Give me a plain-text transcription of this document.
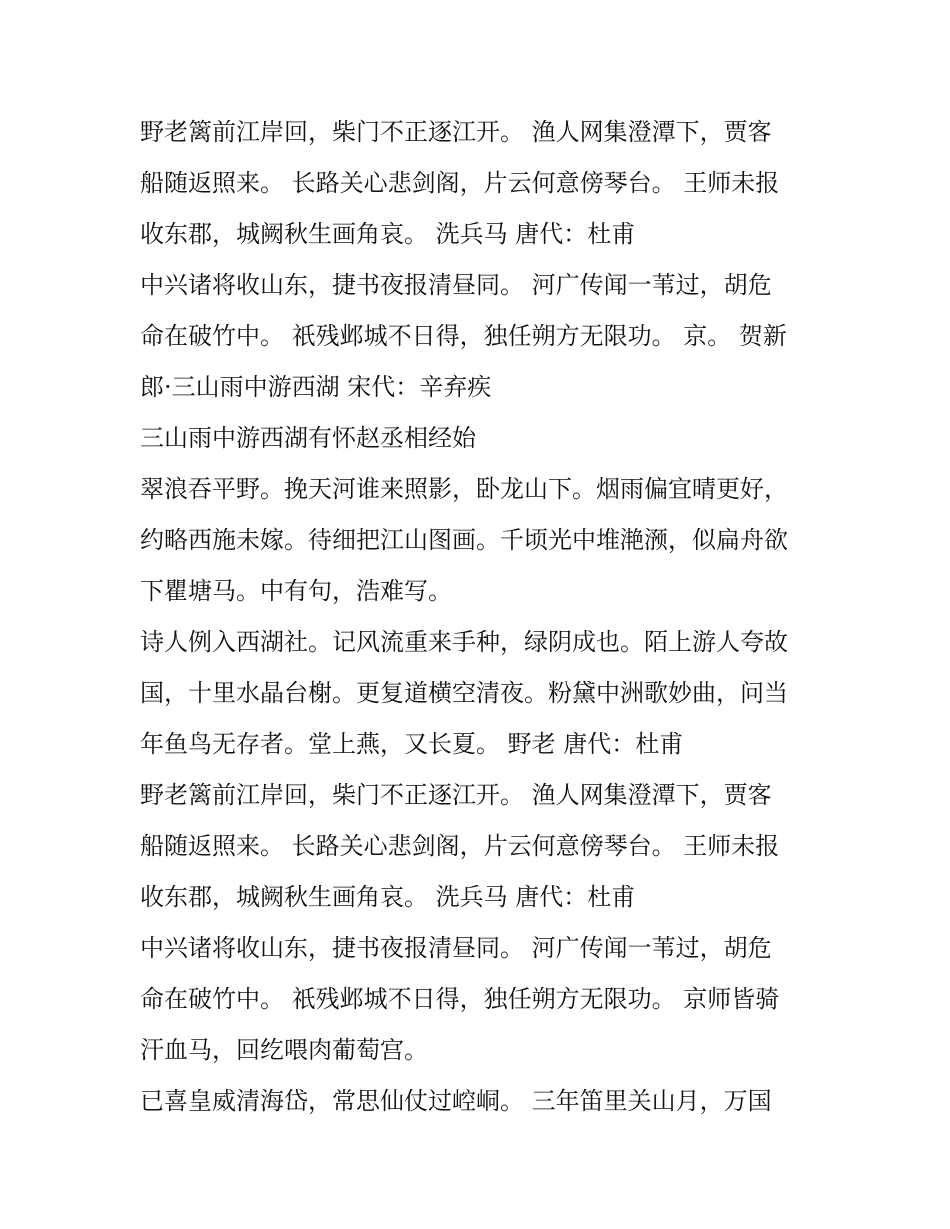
野老篱前江岸回，柴门不正逐江开。 渔人网集澄潭下，贾客
船随返照来。 长路关心悲剑阁，片云何意傍琴台。 王师未报
收东郡，城阙秋生画角哀。 洗兵马 唐代：杜甫
中兴诸将收山东，捷书夜报清昼同。 河广传闻一苇过，胡危
命在破竹中。 祇残邺城不日得，独任朔方无限功。 京。 贺新
郎·三山雨中游西湖 宋代：辛弃疾
三山雨中游西湖有怀赵丞相经始
翠浪吞平野。挽天河谁来照影，卧龙山下。烟雨偏宜晴更好，
约略西施未嫁。待细把江山图画。千顷光中堆滟滪，似扁舟欲
下瞿塘马。中有句，浩难写。
诗人例入西湖社。记风流重来手种，绿阴成也。陌上游人夸故
国，十里水晶台榭。更复道横空清夜。粉黛中洲歌妙曲，问当
年鱼鸟无存者。堂上燕，又长夏。 野老 唐代：杜甫
野老篱前江岸回，柴门不正逐江开。 渔人网集澄潭下，贾客
船随返照来。 长路关心悲剑阁，片云何意傍琴台。 王师未报
收东郡，城阙秋生画角哀。 洗兵马 唐代：杜甫
中兴诸将收山东，捷书夜报清昼同。 河广传闻一苇过，胡危
命在破竹中。 祇残邺城不日得，独任朔方无限功。 京师皆骑
汗血马，回纥喂肉葡萄宫。
已喜皇威清海岱，常思仙仗过崆峒。 三年笛里关山月，万国
